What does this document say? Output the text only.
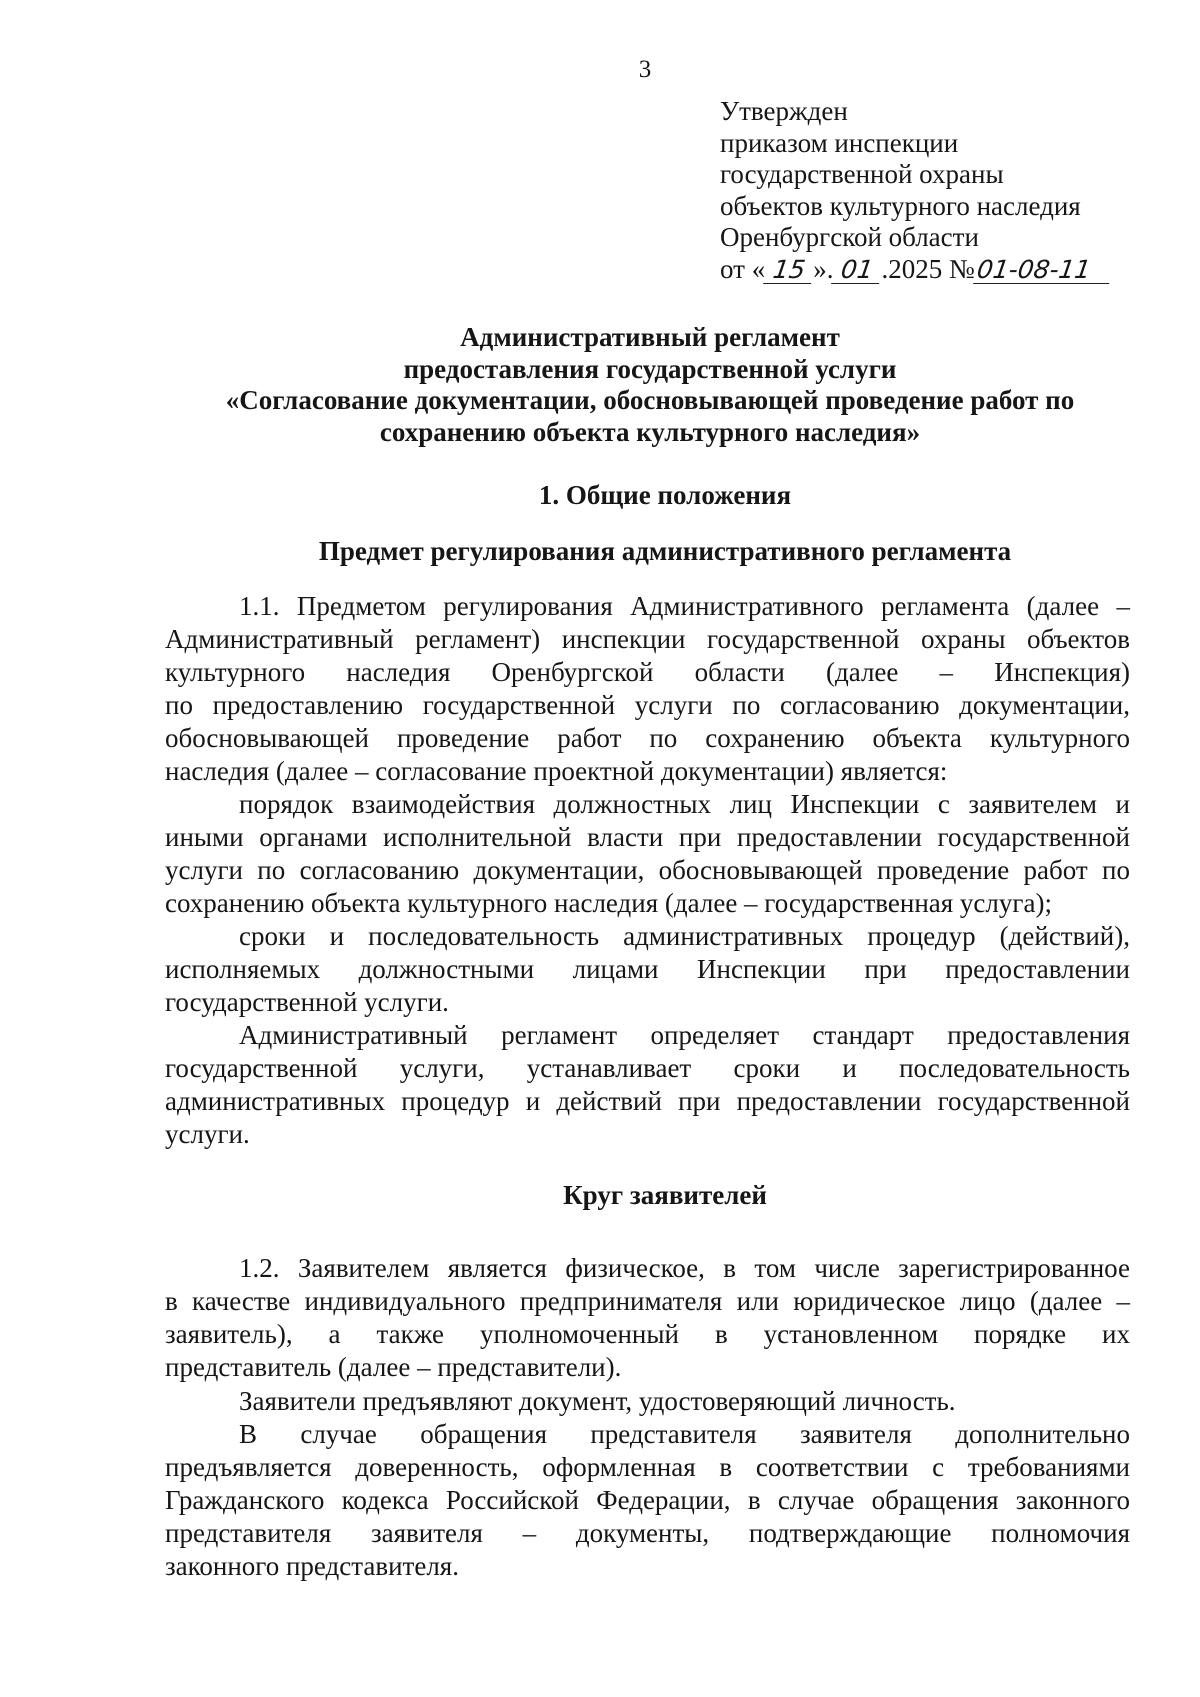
3
Утвержден
приказом инспекции
государственной охраны
объектов культурного наследия
Оренбургской области
от « 15 ». 01 .2025 №01-08-11
Административный регламент
предоставления государственной услуги
«Согласование документации, обосновывающей проведение работ по
сохранению объекта культурного наследия»
1. Общие положения
Предмет регулирования административного регламента
1.1. Предметом регулирования Административного регламента (далее –
Административный регламент) инспекции государственной охраны объектов
культурного наследия Оренбургской области (далее – Инспекция)
по предоставлению государственной услуги по согласованию документации,
обосновывающей проведение работ по сохранению объекта культурного
наследия (далее – согласование проектной документации) является:
порядок взаимодействия должностных лиц Инспекции с заявителем и
иными органами исполнительной власти при предоставлении государственной
услуги по согласованию документации, обосновывающей проведение работ по
сохранению объекта культурного наследия (далее – государственная услуга);
сроки и последовательность административных процедур (действий),
исполняемых должностными лицами Инспекции при предоставлении
государственной услуги.
Административный регламент определяет стандарт предоставления
государственной услуги, устанавливает сроки и последовательность
административных процедур и действий при предоставлении государственной
услуги.
Круг заявителей
1.2. Заявителем является физическое, в том числе зарегистрированное
в качестве индивидуального предпринимателя или юридическое лицо (далее –
заявитель), а также уполномоченный в установленном порядке их
представитель (далее – представители).
Заявители предъявляют документ, удостоверяющий личность.
В случае обращения представителя заявителя дополнительно
предъявляется доверенность, оформленная в соответствии с требованиями
Гражданского кодекса Российской Федерации, в случае обращения законного
представителя заявителя – документы, подтверждающие полномочия
законного представителя.
